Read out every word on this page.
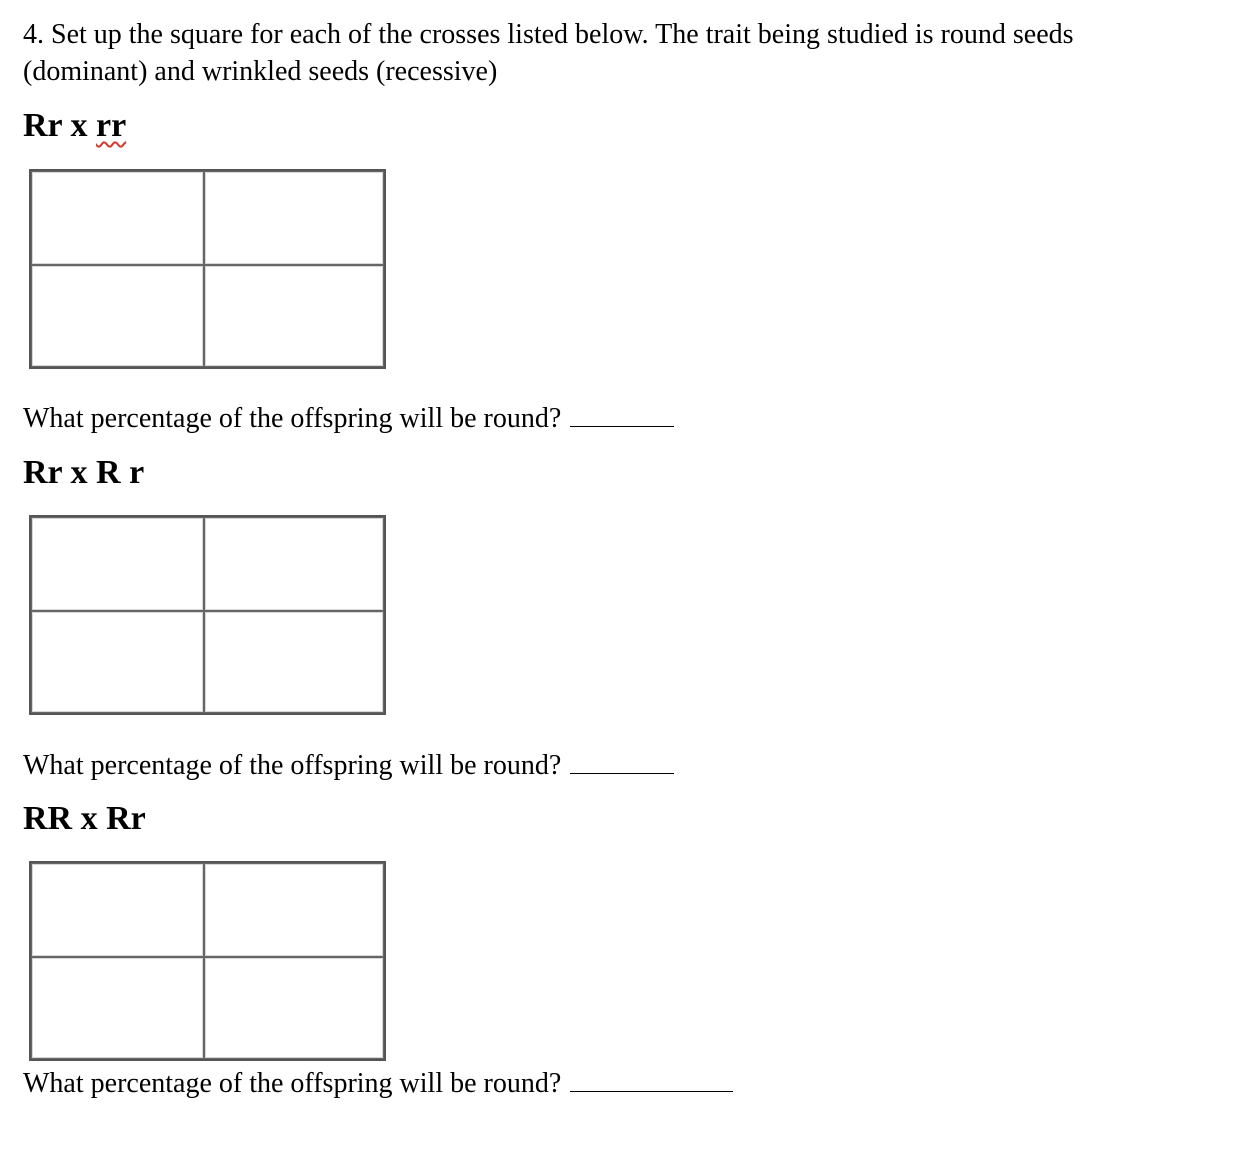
4. Set up the square for each of the crosses listed below. The trait being studied is round seeds (dominant) and wrinkled seeds (recessive)
Rr x rr
What percentage of the offspring will be round?
Rr x R r
What percentage of the offspring will be round?
RR x Rr
What percentage of the offspring will be round?
